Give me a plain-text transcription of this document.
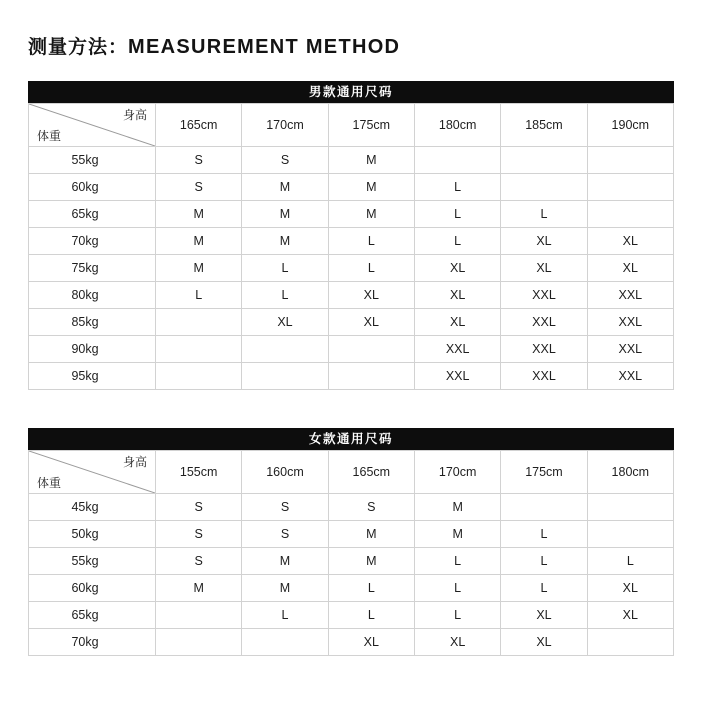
测量方法：MEASUREMENT METHOD
男款通用尺码
身高
体重	165cm	170cm	175cm	180cm	185cm	190cm
55kg	S	S	M			
60kg	S	M	M	L		
65kg	M	M	M	L	L	
70kg	M	M	L	L	XL	XL
75kg	M	L	L	XL	XL	XL
80kg	L	L	XL	XL	XXL	XXL
85kg		XL	XL	XL	XXL	XXL
90kg				XXL	XXL	XXL
95kg				XXL	XXL	XXL
女款通用尺码
身高
体重	155cm	160cm	165cm	170cm	175cm	180cm
45kg	S	S	S	M		
50kg	S	S	M	M	L	
55kg	S	M	M	L	L	L
60kg	M	M	L	L	L	XL
65kg		L	L	L	XL	XL
70kg			XL	XL	XL	
